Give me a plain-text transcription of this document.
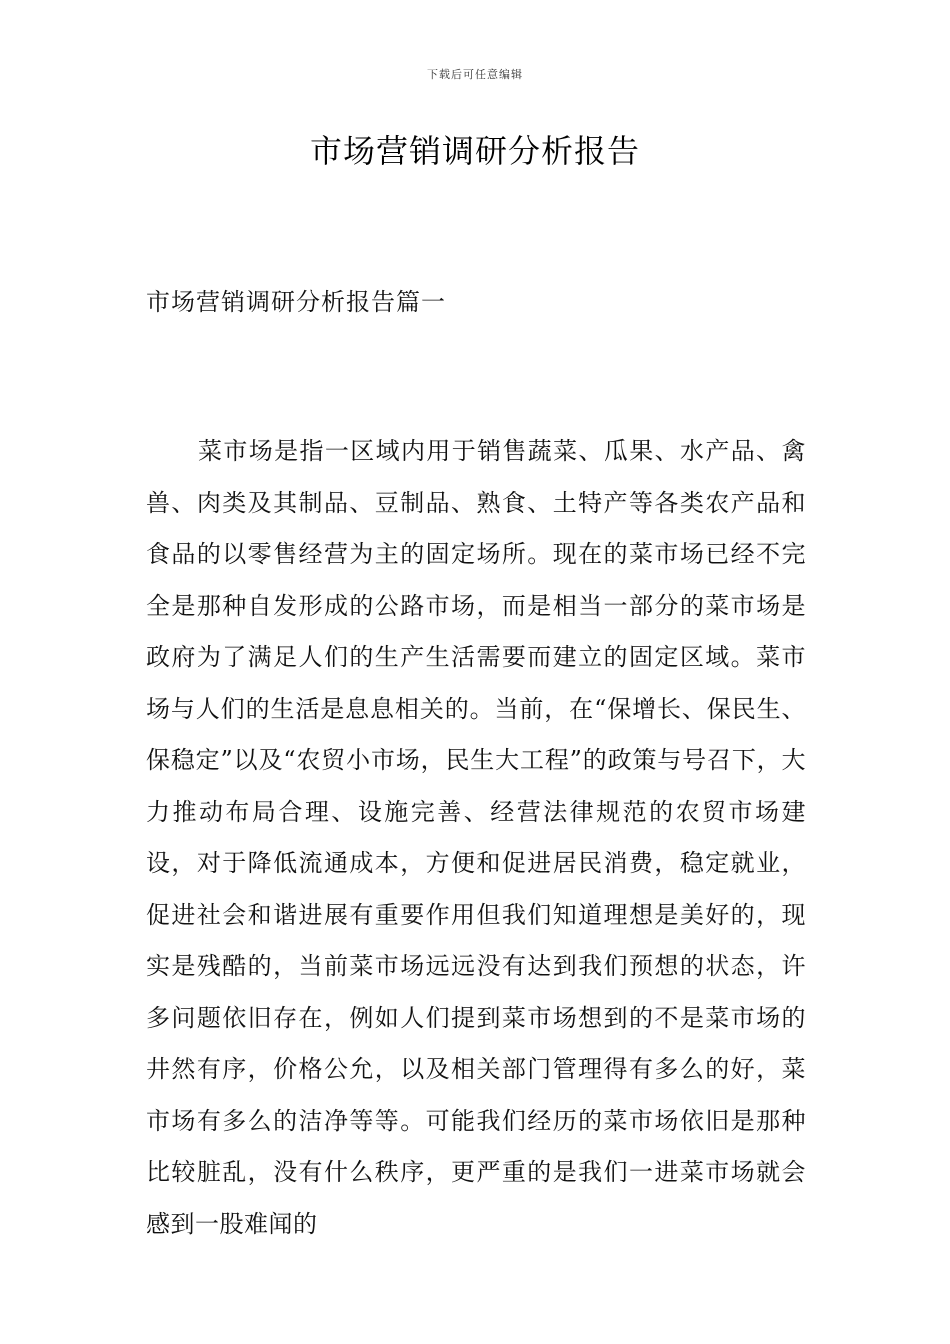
下载后可任意编辑
市场营销调研分析报告
市场营销调研分析报告篇一

菜市场是指一区域内用于销售蔬菜、瓜果、水产品、禽兽、肉类及其制品、豆制品、熟食、土特产等各类农产品和食品的以零售经营为主的固定场所。现在的菜市场已经不完全是那种自发形成的公路市场，而是相当一部分的菜市场是政府为了满足人们的生产生活需要而建立的固定区域。菜市场与人们的生活是息息相关的。当前，在“保增长、保民生、保稳定”以及“农贸小市场，民生大工程”的政策与号召下，大力推动布局合理、设施完善、经营法律规范的农贸市场建设，对于降低流通成本，方便和促进居民消费，稳定就业，促进社会和谐进展有重要作用但我们知道理想是美好的，现实是残酷的，当前菜市场远远没有达到我们预想的状态，许多问题依旧存在，例如人们提到菜市场想到的不是菜市场的井然有序，价格公允，以及相关部门管理得有多么的好，菜市场有多么的洁净等等。可能我们经历的菜市场依旧是那种比较脏乱，没有什么秩序，更严重的是我们一进菜市场就会感到一股难闻的
